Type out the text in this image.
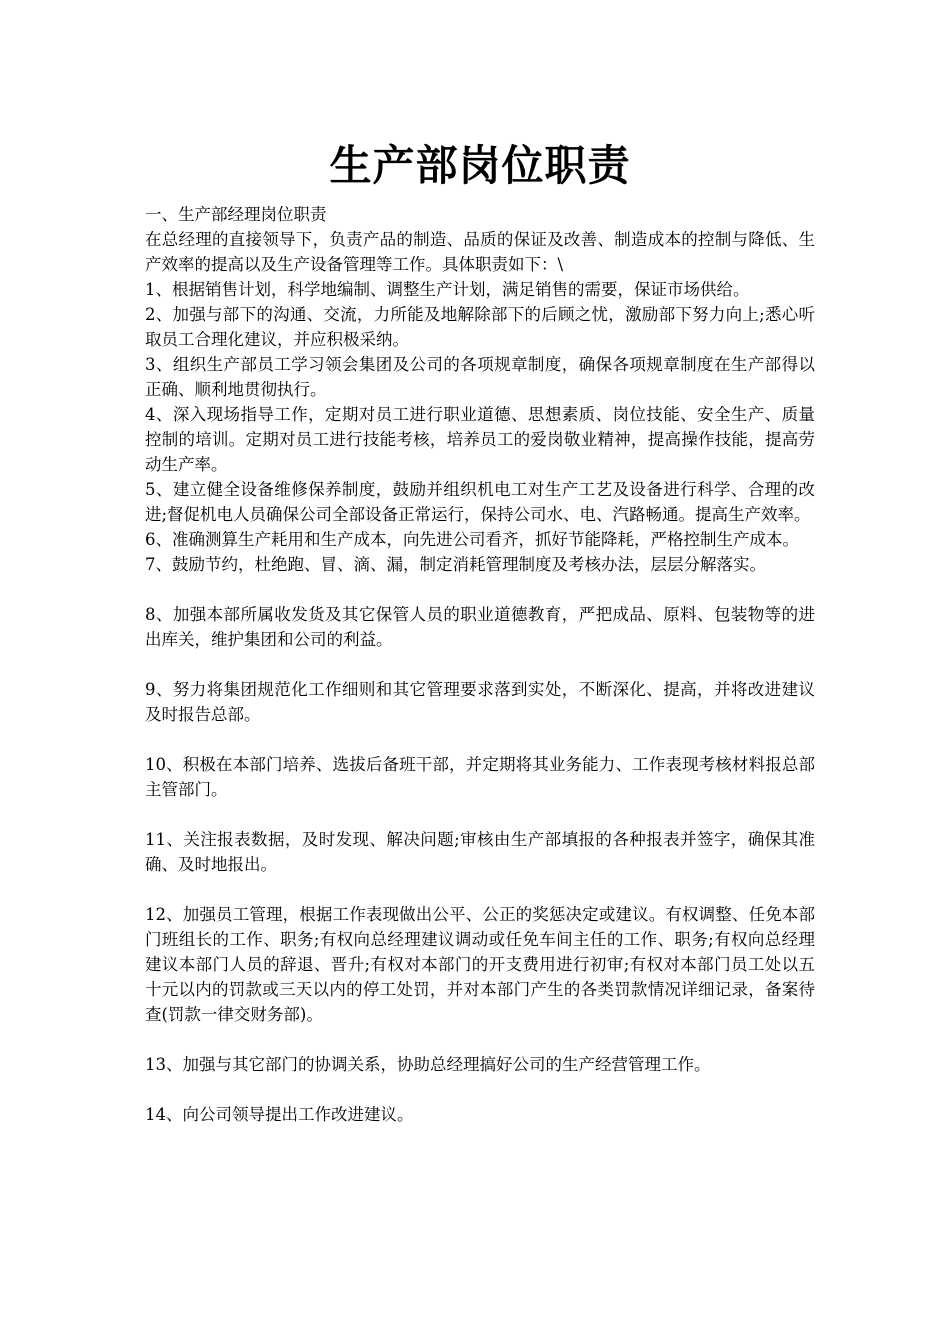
生产部岗位职责

一、生产部经理岗位职责

在总经理的直接领导下，负责产品的制造、品质的保证及改善、制造成本的控制与降低、生产效率的提高以及生产设备管理等工作。具体职责如下：\

1、根据销售计划，科学地编制、调整生产计划，满足销售的需要，保证市场供给。

2、加强与部下的沟通、交流，力所能及地解除部下的后顾之忧，激励部下努力向上;悉心听取员工合理化建议，并应积极采纳。

3、组织生产部员工学习领会集团及公司的各项规章制度，确保各项规章制度在生产部得以正确、顺利地贯彻执行。

4、深入现场指导工作，定期对员工进行职业道德、思想素质、岗位技能、安全生产、质量控制的培训。定期对员工进行技能考核，培养员工的爱岗敬业精神，提高操作技能，提高劳动生产率。

5、建立健全设备维修保养制度，鼓励并组织机电工对生产工艺及设备进行科学、合理的改进;督促机电人员确保公司全部设备正常运行，保持公司水、电、汽路畅通。提高生产效率。

6、准确测算生产耗用和生产成本，向先进公司看齐，抓好节能降耗，严格控制生产成本。

7、鼓励节约，杜绝跑、冒、滴、漏，制定消耗管理制度及考核办法，层层分解落实。

8、加强本部所属收发货及其它保管人员的职业道德教育，严把成品、原料、包装物等的进出库关，维护集团和公司的利益。

9、努力将集团规范化工作细则和其它管理要求落到实处，不断深化、提高，并将改进建议及时报告总部。

10、积极在本部门培养、选拔后备班干部，并定期将其业务能力、工作表现考核材料报总部主管部门。

11、关注报表数据，及时发现、解决问题;审核由生产部填报的各种报表并签字，确保其准确、及时地报出。

12、加强员工管理，根据工作表现做出公平、公正的奖惩决定或建议。有权调整、任免本部门班组长的工作、职务;有权向总经理建议调动或任免车间主任的工作、职务;有权向总经理建议本部门人员的辞退、晋升;有权对本部门的开支费用进行初审;有权对本部门员工处以五十元以内的罚款或三天以内的停工处罚，并对本部门产生的各类罚款情况详细记录，备案待查(罚款一律交财务部)。

13、加强与其它部门的协调关系，协助总经理搞好公司的生产经营管理工作。

14、向公司领导提出工作改进建议。
